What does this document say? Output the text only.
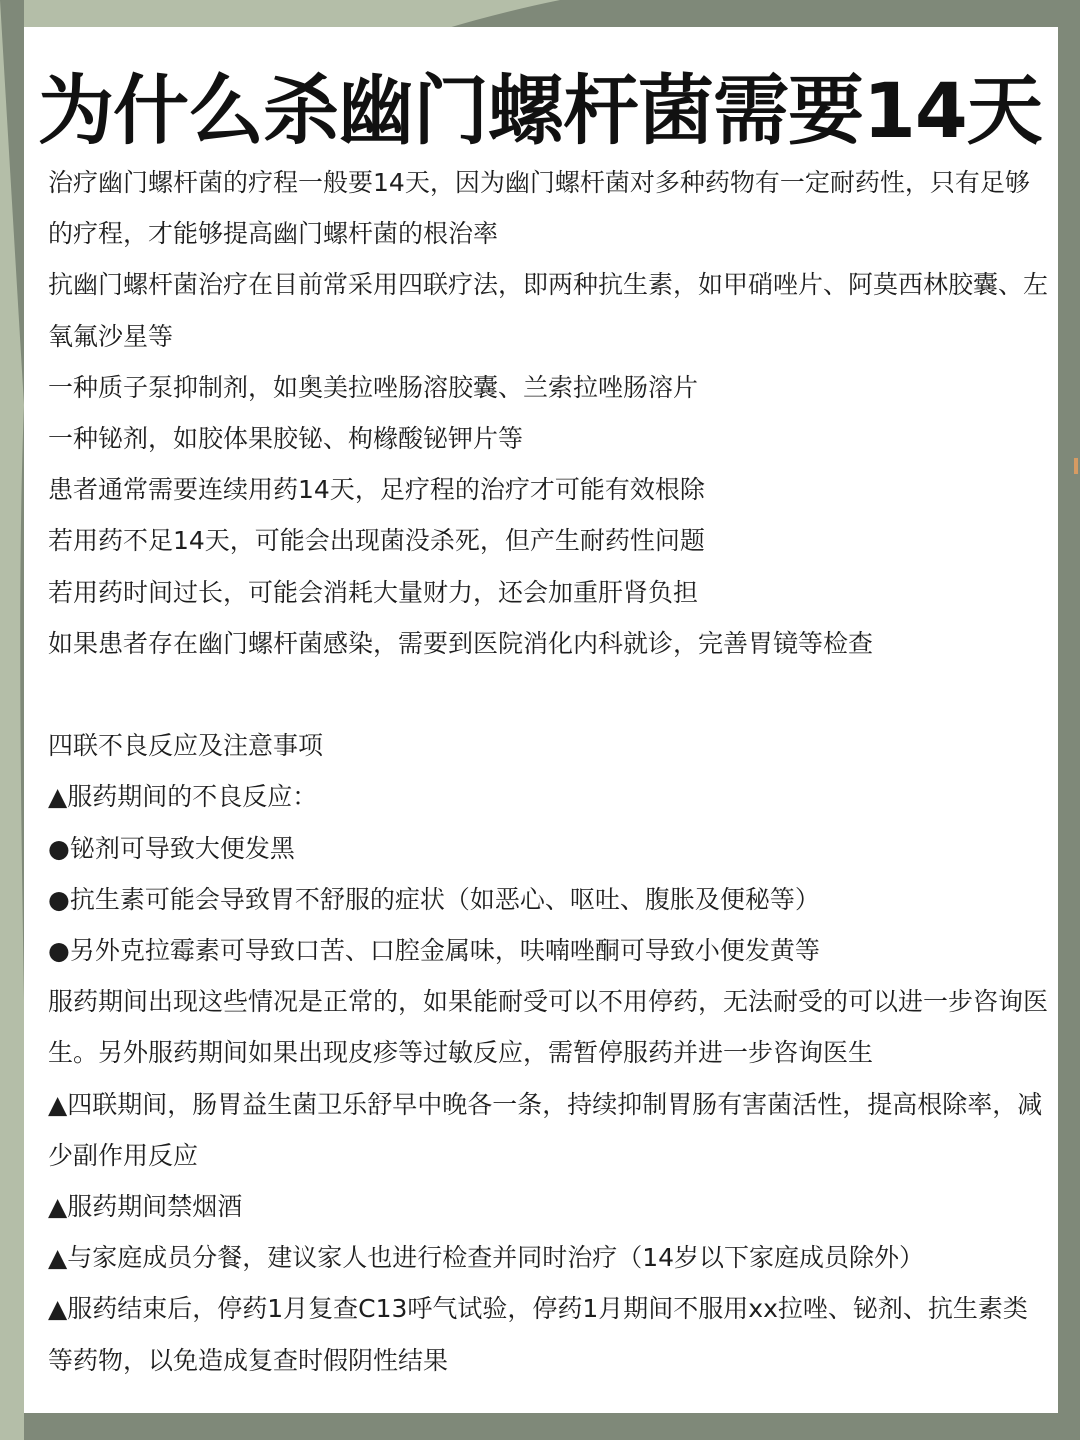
为什么杀幽门螺杆菌需要14天

治疗幽门螺杆菌的疗程一般要14天，因为幽门螺杆菌对多种药物有一定耐药性，只有足够的疗程，才能够提高幽门螺杆菌的根治率

抗幽门螺杆菌治疗在目前常采用四联疗法，即两种抗生素，如甲硝唑片、阿莫西林胶囊、左氧氟沙星等

一种质子泵抑制剂，如奥美拉唑肠溶胶囊、兰索拉唑肠溶片

一种铋剂，如胶体果胶铋、枸橼酸铋钾片等

患者通常需要连续用药14天，足疗程的治疗才可能有效根除

若用药不足14天，可能会出现菌没杀死，但产生耐药性问题

若用药时间过长，可能会消耗大量财力，还会加重肝肾负担

如果患者存在幽门螺杆菌感染，需要到医院消化内科就诊，完善胃镜等检查

四联不良反应及注意事项

▲服药期间的不良反应：

●铋剂可导致大便发黑

●抗生素可能会导致胃不舒服的症状（如恶心、呕吐、腹胀及便秘等）

●另外克拉霉素可导致口苦、口腔金属味，呋喃唑酮可导致小便发黄等

服药期间出现这些情况是正常的，如果能耐受可以不用停药，无法耐受的可以进一步咨询医生。另外服药期间如果出现皮疹等过敏反应，需暂停服药并进一步咨询医生

▲四联期间，肠胃益生菌卫乐舒早中晚各一条，持续抑制胃肠有害菌活性，提高根除率，减少副作用反应

▲服药期间禁烟酒

▲与家庭成员分餐，建议家人也进行检查并同时治疗（14岁以下家庭成员除外）

▲服药结束后，停药1月复查C13呼气试验，停药1月期间不服用xx拉唑、铋剂、抗生素类等药物，以免造成复查时假阴性结果
